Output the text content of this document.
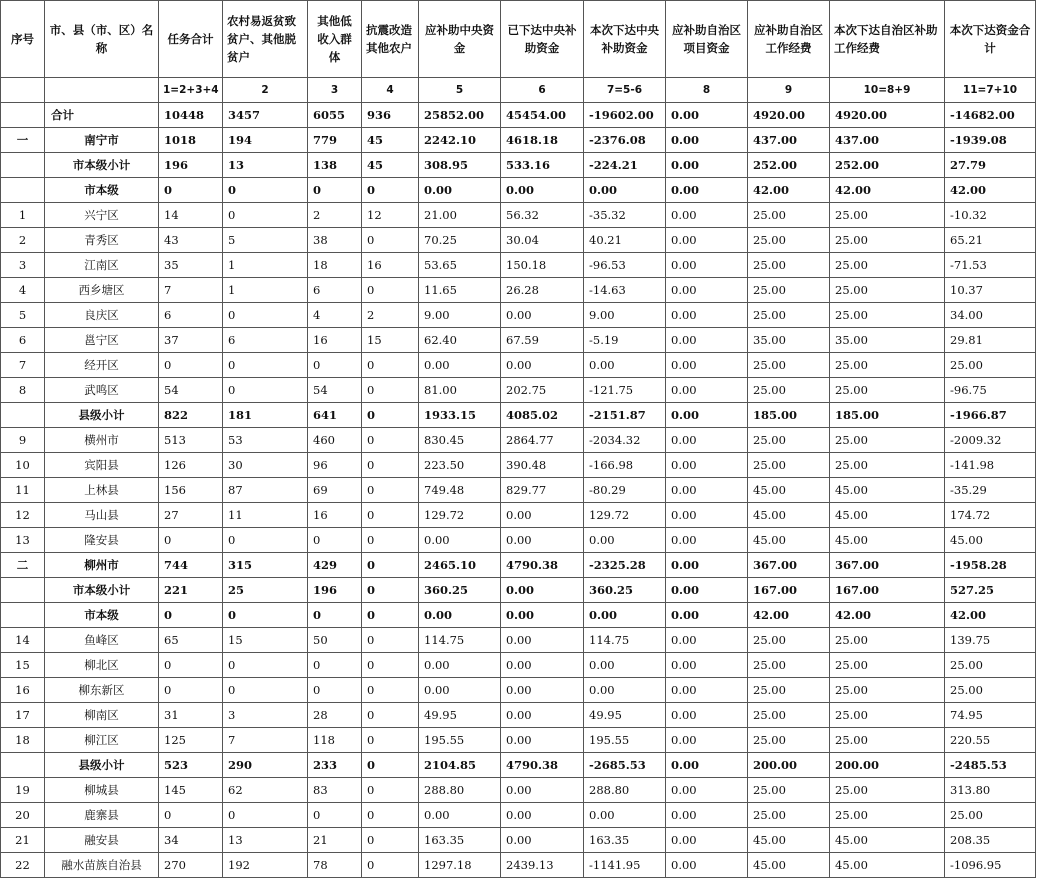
序号	市、县（市、区）名称	任务合计	农村易返贫致贫户、其他脱贫户	其他低收入群体	抗震改造其他农户	应补助中央资金	已下达中央补助资金	本次下达中央补助资金	应补助自治区项目资金	应补助自治区工作经费	本次下达自治区补助工作经费	本次下达资金合计
		1=2+3+4	2	3	4	5	6	7=5-6	8	9	10=8+9	11=7+10
	合计	10448	3457	6055	936	25852.00	45454.00	-19602.00	0.00	4920.00	4920.00	-14682.00
一	南宁市	1018	194	779	45	2242.10	4618.18	-2376.08	0.00	437.00	437.00	-1939.08
	市本级小计	196	13	138	45	308.95	533.16	-224.21	0.00	252.00	252.00	27.79
	市本级	0	0	0	0	0.00	0.00	0.00	0.00	42.00	42.00	42.00
1	兴宁区	14	0	2	12	21.00	56.32	-35.32	0.00	25.00	25.00	-10.32
2	青秀区	43	5	38	0	70.25	30.04	40.21	0.00	25.00	25.00	65.21
3	江南区	35	1	18	16	53.65	150.18	-96.53	0.00	25.00	25.00	-71.53
4	西乡塘区	7	1	6	0	11.65	26.28	-14.63	0.00	25.00	25.00	10.37
5	良庆区	6	0	4	2	9.00	0.00	9.00	0.00	25.00	25.00	34.00
6	邕宁区	37	6	16	15	62.40	67.59	-5.19	0.00	35.00	35.00	29.81
7	经开区	0	0	0	0	0.00	0.00	0.00	0.00	25.00	25.00	25.00
8	武鸣区	54	0	54	0	81.00	202.75	-121.75	0.00	25.00	25.00	-96.75
	县级小计	822	181	641	0	1933.15	4085.02	-2151.87	0.00	185.00	185.00	-1966.87
9	横州市	513	53	460	0	830.45	2864.77	-2034.32	0.00	25.00	25.00	-2009.32
10	宾阳县	126	30	96	0	223.50	390.48	-166.98	0.00	25.00	25.00	-141.98
11	上林县	156	87	69	0	749.48	829.77	-80.29	0.00	45.00	45.00	-35.29
12	马山县	27	11	16	0	129.72	0.00	129.72	0.00	45.00	45.00	174.72
13	隆安县	0	0	0	0	0.00	0.00	0.00	0.00	45.00	45.00	45.00
二	柳州市	744	315	429	0	2465.10	4790.38	-2325.28	0.00	367.00	367.00	-1958.28
	市本级小计	221	25	196	0	360.25	0.00	360.25	0.00	167.00	167.00	527.25
	市本级	0	0	0	0	0.00	0.00	0.00	0.00	42.00	42.00	42.00
14	鱼峰区	65	15	50	0	114.75	0.00	114.75	0.00	25.00	25.00	139.75
15	柳北区	0	0	0	0	0.00	0.00	0.00	0.00	25.00	25.00	25.00
16	柳东新区	0	0	0	0	0.00	0.00	0.00	0.00	25.00	25.00	25.00
17	柳南区	31	3	28	0	49.95	0.00	49.95	0.00	25.00	25.00	74.95
18	柳江区	125	7	118	0	195.55	0.00	195.55	0.00	25.00	25.00	220.55
	县级小计	523	290	233	0	2104.85	4790.38	-2685.53	0.00	200.00	200.00	-2485.53
19	柳城县	145	62	83	0	288.80	0.00	288.80	0.00	25.00	25.00	313.80
20	鹿寨县	0	0	0	0	0.00	0.00	0.00	0.00	25.00	25.00	25.00
21	融安县	34	13	21	0	163.35	0.00	163.35	0.00	45.00	45.00	208.35
22	融水苗族自治县	270	192	78	0	1297.18	2439.13	-1141.95	0.00	45.00	45.00	-1096.95
